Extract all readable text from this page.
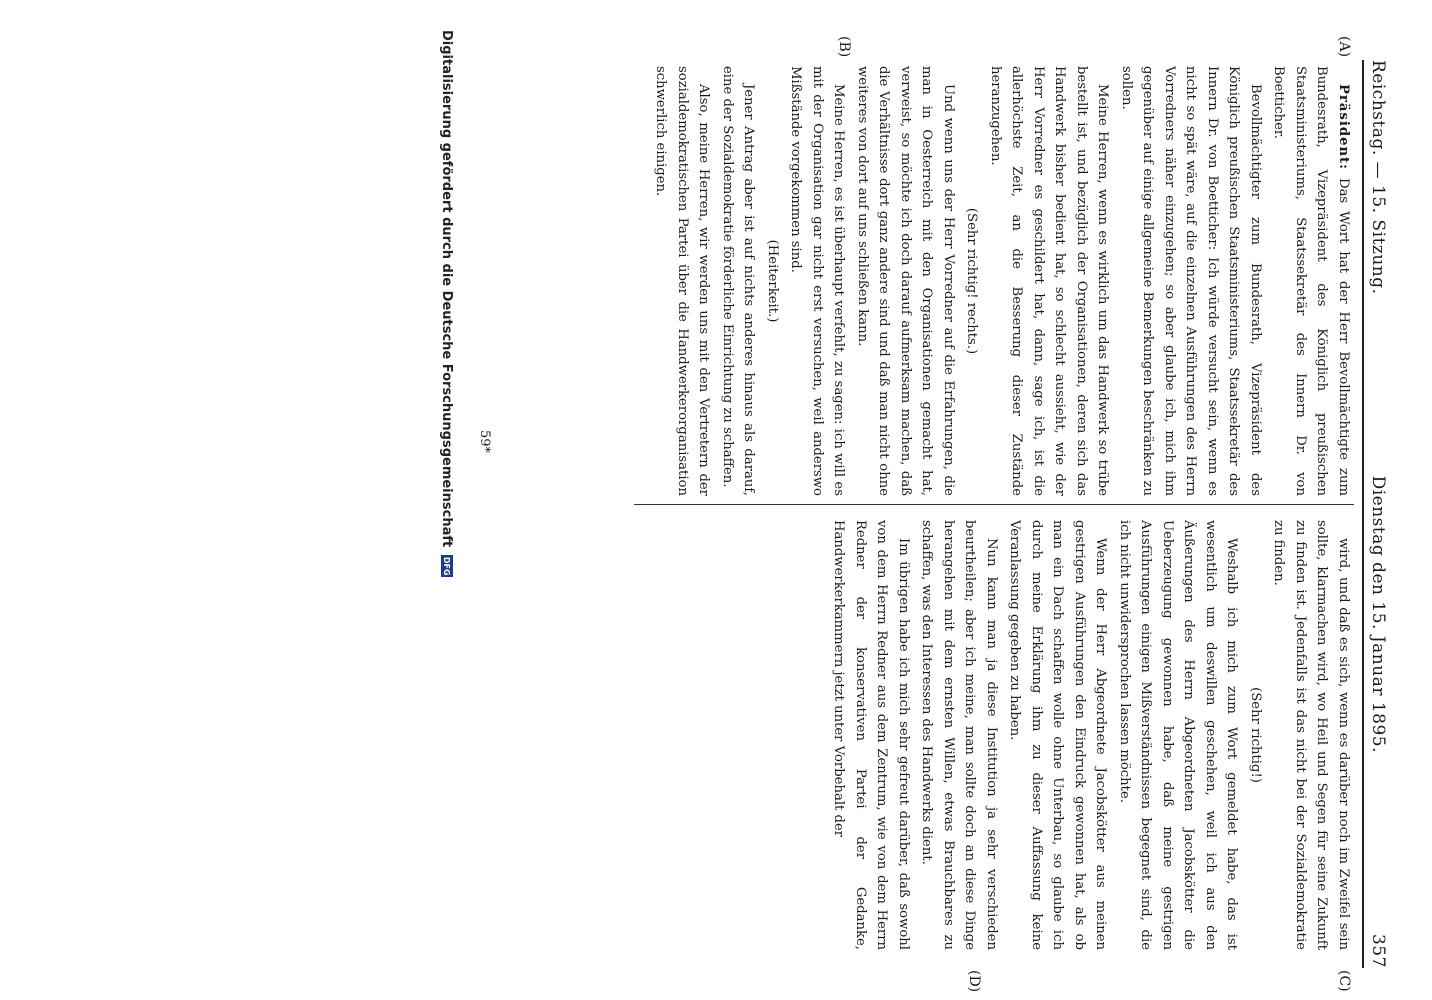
Reichstag. — 15. Sitzung.
Dienstag den 15. Januar 1895.
357
(A)
(B)
(C)
(D)

Präsident: Das Wort hat der Herr Bevollmächtigte zum Bundesrath, Vizepräsident des Königlich preußischen Staatsministeriums, Staatssekretär des Innern Dr. von Boetticher.

Bevollmächtigter zum Bundesrath, Vizepräsident des Königlich preußischen Staatsministeriums, Staatssekretär des Innern Dr. von Boetticher: Ich würde versucht sein, wenn es nicht so spät wäre, auf die einzelnen Ausführungen des Herrn Vorredners näher einzugehen; so aber glaube ich, mich ihm gegenüber auf einige allgemeine Bemerkungen beschränken zu sollen.

Meine Herren, wenn es wirklich um das Handwerk so trübe bestellt ist, und bezüglich der Organisationen, deren sich das Handwerk bisher bedient hat, so schlecht aussieht, wie der Herr Vorredner es geschildert hat, dann, sage ich, ist die allerhöchste Zeit, an die Besserung dieser Zustände heranzugehen.

(Sehr richtig! rechts.)

Und wenn uns der Herr Vorredner auf die Erfahrungen, die man in Oesterreich mit den Organisationen gemacht hat, verweist, so möchte ich doch darauf aufmerksam machen, daß die Verhältnisse dort ganz andere sind und daß man nicht ohne weiteres von dort auf uns schließen kann.

Meine Herren, es ist überhaupt verfehlt, zu sagen: ich will es mit der Organisation gar nicht erst versuchen, weil anderswo Mißstände vorgekommen sind.

(Heiterkeit.)

Jener Antrag aber ist auf nichts anderes hinaus als darauf, eine der Sozialdemokratie förderliche Einrichtung zu schaffen.

Also, meine Herren, wir werden uns mit den Vertretern der sozialdemokratischen Partei über die Handwerkerorganisation schwerlich einigen.

wird, und daß es sich, wenn es darüber noch im Zweifel sein sollte, klarmachen wird, wo Heil und Segen für seine Zukunft zu finden ist. Jedenfalls ist das nicht bei der Sozialdemokratie zu finden.

(Sehr richtig!)

Weshalb ich mich zum Wort gemeldet habe, das ist wesentlich um deswillen geschehen, weil ich aus den Äußerungen des Herrn Abgeordneten Jacobskötter die Ueberzeugung gewonnen habe, daß meine gestrigen Ausführungen einigen Mißverständnissen begegnet sind, die ich nicht unwidersprochen lassen möchte.

Wenn der Herr Abgeordnete Jacobskötter aus meinen gestrigen Ausführungen den Eindruck gewonnen hat, als ob man ein Dach schaffen wolle ohne Unterbau, so glaube ich durch meine Erklärung ihm zu dieser Auffassung keine Veranlassung gegeben zu haben.

Nun kann man ja diese Institution ja sehr verschieden beurtheilen; aber ich meine, man sollte doch an diese Dinge herangehen mit dem ernsten Willen, etwas Brauchbares zu schaffen, was den Interessen des Handwerks dient.

Im übrigen habe ich mich sehr gefreut darüber, daß sowohl von dem Herrn Redner aus dem Zentrum, wie von dem Herrn Redner der konservativen Partei der Gedanke, Handwerkerkammern jetzt unter Vorbehalt der

59*
Digitalisierung gefördert durch die Deutsche Forschungsgemeinschaft
DFG
